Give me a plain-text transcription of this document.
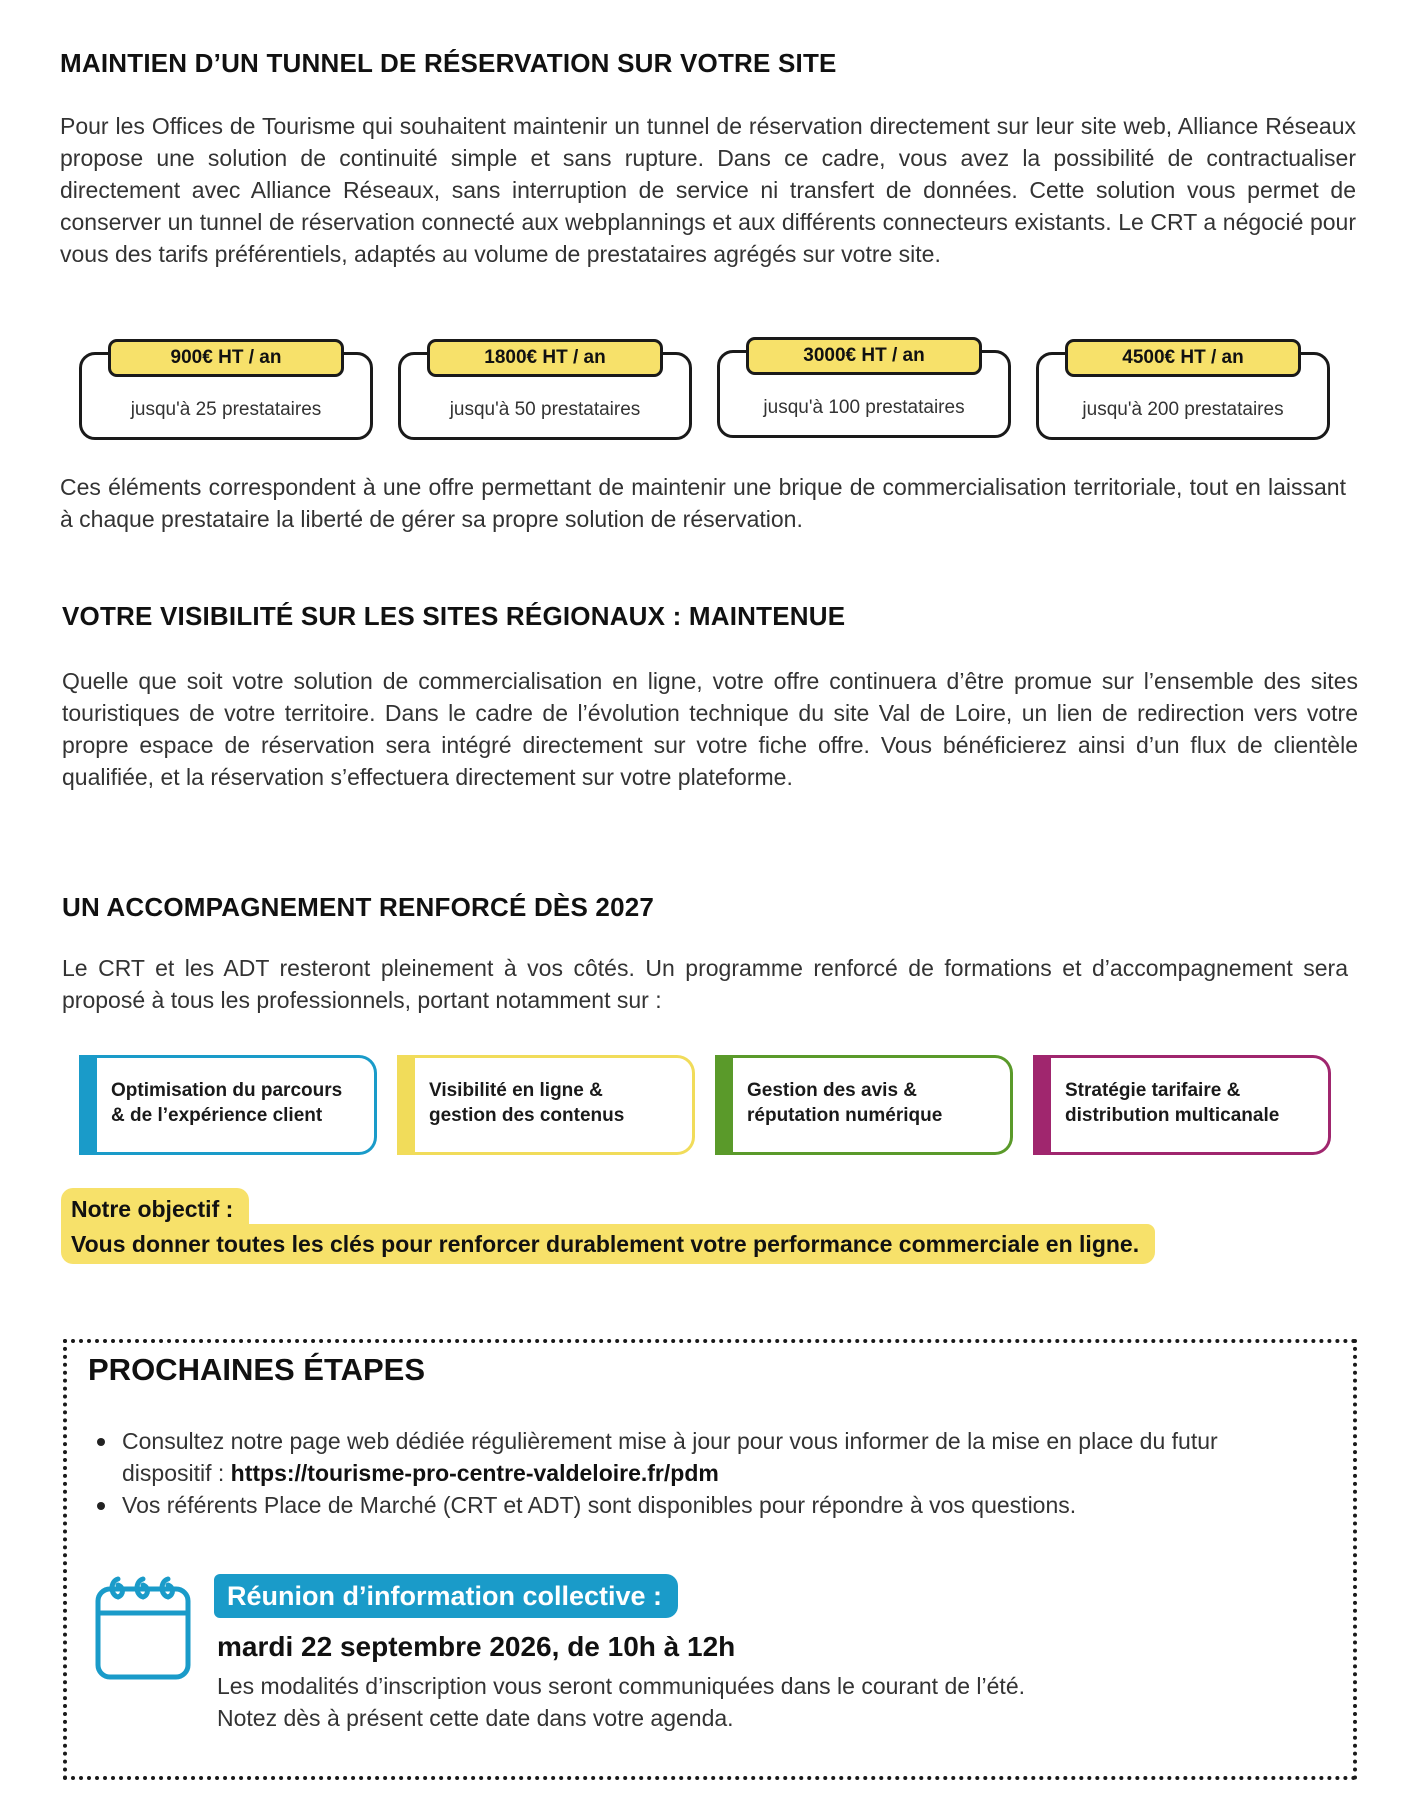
MAINTIEN D’UN TUNNEL DE RÉSERVATION SUR VOTRE SITE

Pour les Offices de Tourisme qui souhaitent maintenir un tunnel de réservation directement sur leur site web, Alliance Réseaux propose une solution de continuité simple et sans rupture. Dans ce cadre, vous avez la possibilité de contractualiser directement avec Alliance Réseaux, sans interruption de service ni transfert de données. Cette solution vous permet de conserver un tunnel de réservation connecté aux webplannings et aux différents connecteurs existants. Le CRT a négocié pour vous des tarifs préférentiels, adaptés au volume de prestataires agrégés sur votre site.

900€ HT / an
jusqu'à 25 prestataires
1800€ HT / an
jusqu'à 50 prestataires
3000€ HT / an
jusqu'à 100 prestataires
4500€ HT / an
jusqu'à 200 prestataires

Ces éléments correspondent à une offre permettant de maintenir une brique de commercialisation territoriale, tout en laissant à chaque prestataire la liberté de gérer sa propre solution de réservation.

VOTRE VISIBILITÉ SUR LES SITES RÉGIONAUX : MAINTENUE

Quelle que soit votre solution de commercialisation en ligne, votre offre continuera d’être promue sur l’ensemble des sites touristiques de votre territoire. Dans le cadre de l’évolution technique du site Val de Loire, un lien de redirection vers votre propre espace de réservation sera intégré directement sur votre fiche offre. Vous bénéficierez ainsi d’un flux de clientèle qualifiée, et la réservation s’effectuera directement sur votre plateforme.

UN ACCOMPAGNEMENT RENFORCÉ DÈS 2027

Le CRT et les ADT resteront pleinement à vos côtés. Un programme renforcé de formations et d’accompagnement sera proposé à tous les professionnels, portant notamment sur :

Optimisation du parcours
& de l’expérience client
Visibilité en ligne &
gestion des contenus
Gestion des avis &
réputation numérique
Stratégie tarifaire &
distribution multicanale
Notre objectif :
Vous donner toutes les clés pour renforcer durablement votre performance commerciale en ligne.
PROCHAINES ÉTAPES
Consultez notre page web dédiée régulièrement mise à jour pour vous informer de la mise en place du futur dispositif : https://tourisme-pro-centre-valdeloire.fr/pdm
Vos référents Place de Marché (CRT et ADT) sont disponibles pour répondre à vos questions.
Réunion d’information collective :
mardi 22 septembre 2026, de 10h à 12h
Les modalités d’inscription vous seront communiquées dans le courant de l’été.
Notez dès à présent cette date dans votre agenda.
